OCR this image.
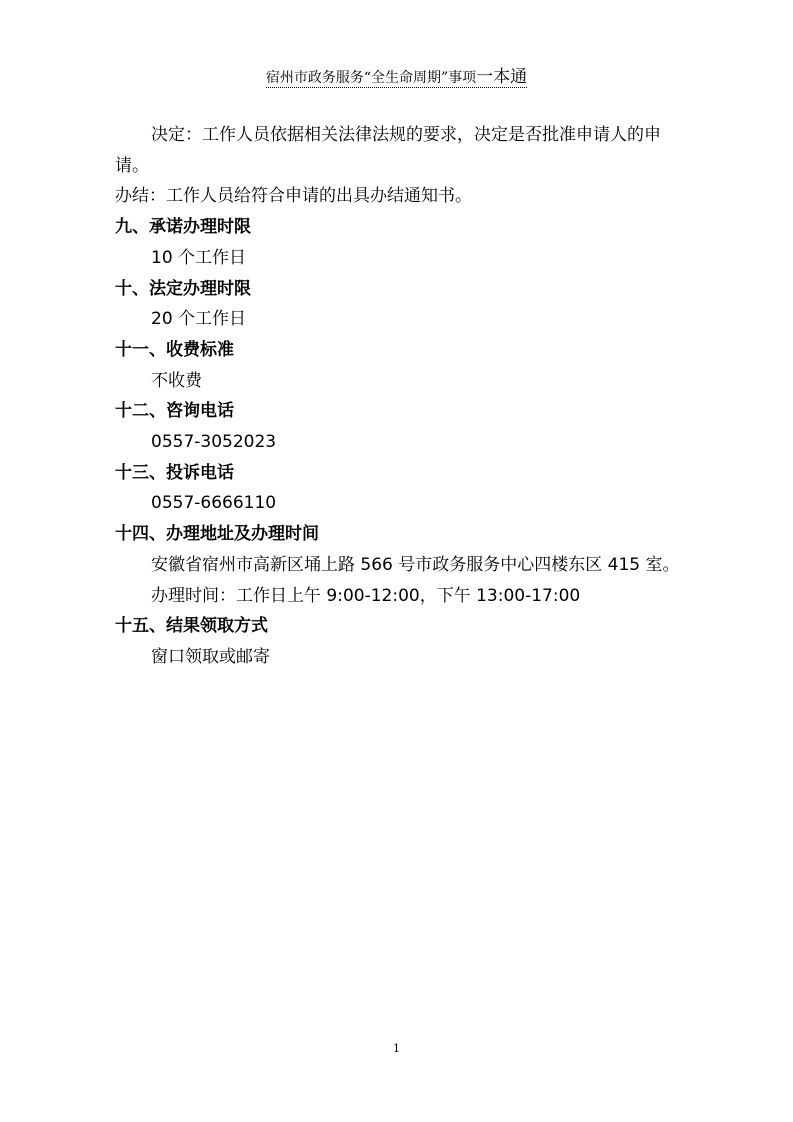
宿州市政务服务“全生命周期”事项一本通

决定：工作人员依据相关法律法规的要求，决定是否批准申请人的申请。

办结：工作人员给符合申请的出具办结通知书。

九、承诺办理时限

10 个工作日

十、法定办理时限

20 个工作日

十一、收费标准

不收费

十二、咨询电话

0557-3052023

十三、投诉电话

0557-6666110

十四、办理地址及办理时间

安徽省宿州市高新区埇上路 566 号市政务服务中心四楼东区 415 室。

办理时间：工作日上午 9:00-12:00，下午 13:00-17:00

十五、结果领取方式

窗口领取或邮寄

1
